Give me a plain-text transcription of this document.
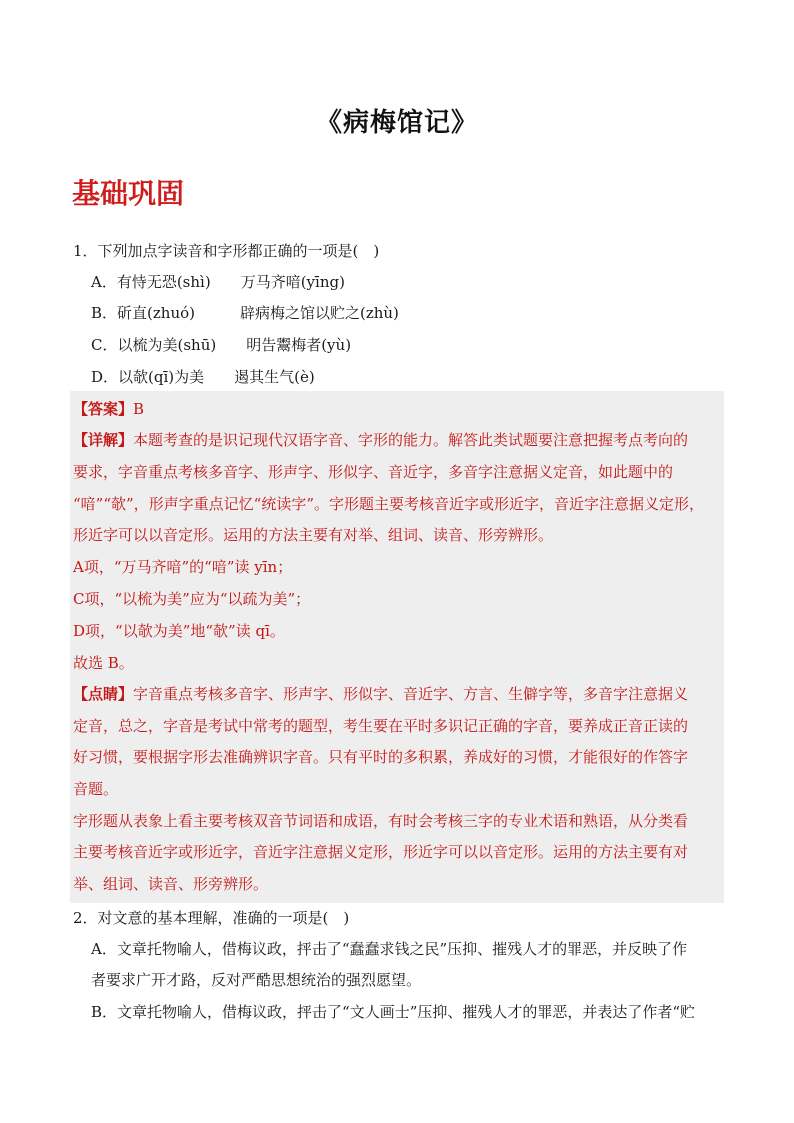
《病梅馆记》
基础巩固
1．下列加点字读音和字形都正确的一项是(　)
A．有恃无恐(shì)　　万马齐喑(yīng)
B．斫直(zhuó)　　　辟病梅之馆以贮之(zhù)
C．以梳为美(shū)　　明告鬻梅者(yù)
D．以欹(qī)为美　　遏其生气(è)
【答案】B
【详解】本题考查的是识记现代汉语字音、字形的能力。解答此类试题要注意把握考点考向的
要求，字音重点考核多音字、形声字、形似字、音近字，多音字注意据义定音，如此题中的
“喑”“欹”，形声字重点记忆“统读字”。字形题主要考核音近字或形近字，音近字注意据义定形，
形近字可以以音定形。运用的方法主要有对举、组词、读音、形旁辨形。
A项，“万马齐喑”的“喑”读 yīn；
C项，“以梳为美”应为“以疏为美”；
D项，“以欹为美”地“欹”读 qī。
故选 B。
【点睛】字音重点考核多音字、形声字、形似字、音近字、方言、生僻字等，多音字注意据义
定音，总之，字音是考试中常考的题型，考生要在平时多识记正确的字音，要养成正音正读的
好习惯，要根据字形去准确辨识字音。只有平时的多积累，养成好的习惯，才能很好的作答字
音题。
字形题从表象上看主要考核双音节词语和成语，有时会考核三字的专业术语和熟语，从分类看
主要考核音近字或形近字，音近字注意据义定形，形近字可以以音定形。运用的方法主要有对
举、组词、读音、形旁辨形。
2．对文意的基本理解，准确的一项是(　)
A．文章托物喻人，借梅议政，抨击了“蠢蠢求钱之民”压抑、摧残人才的罪恶，并反映了作
者要求广开才路，反对严酷思想统治的强烈愿望。
B．文章托物喻人，借梅议政，抨击了“文人画士”压抑、摧残人才的罪恶，并表达了作者“贮
